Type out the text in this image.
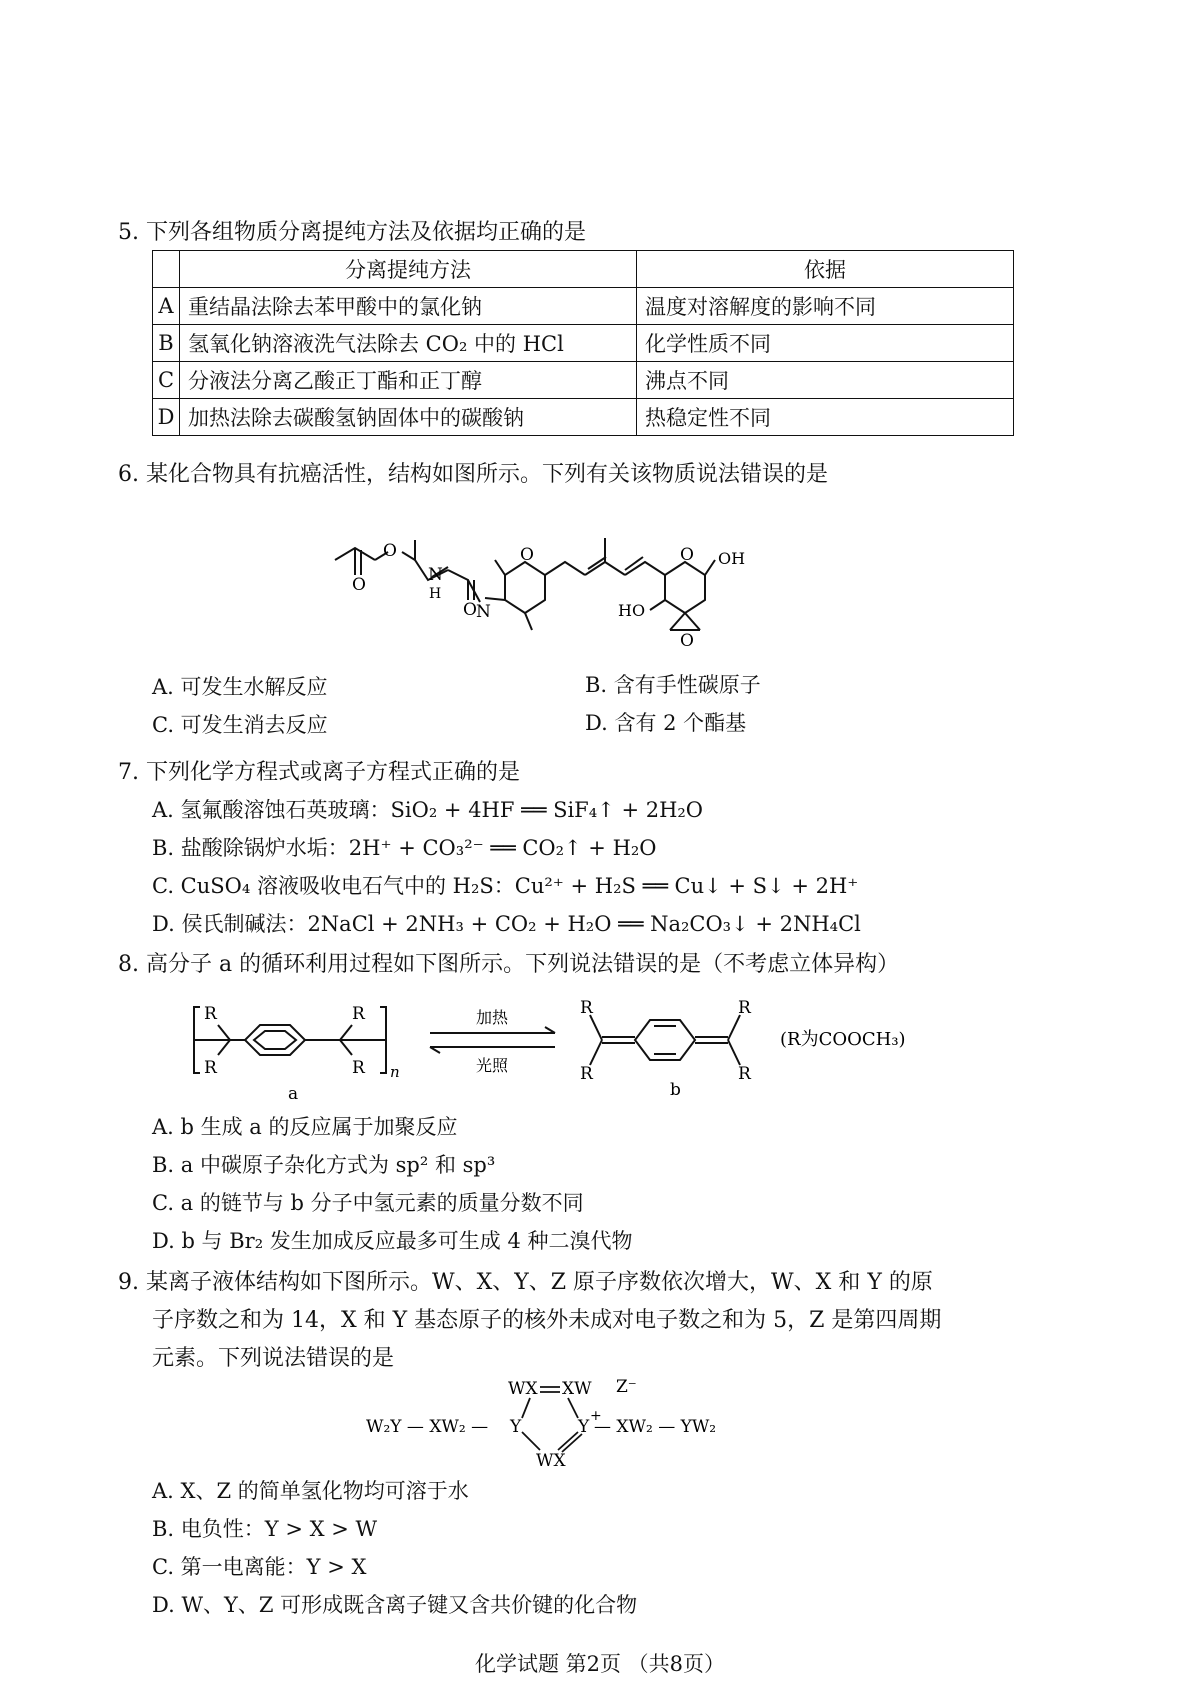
5. 下列各组物质分离提纯方法及依据均正确的是
	分离提纯方法	依据
A	重结晶法除去苯甲酸中的氯化钠	温度对溶解度的影响不同
B	氢氧化钠溶液洗气法除去 CO₂ 中的 HCl	化学性质不同
C	分液法分离乙酸正丁酯和正丁醇	沸点不同
D	加热法除去碳酸氢钠固体中的碳酸钠	热稳定性不同
6. 某化合物具有抗癌活性，结构如图所示。下列有关该物质说法错误的是
O
O
O N
N
H
O	O OH
HO
O
A. 可发生水解反应	B. 含有手性碳原子
C. 可发生消去反应	D. 含有 2 个酯基
7. 下列化学方程式或离子方程式正确的是
A. 氢氟酸溶蚀石英玻璃：SiO₂ + 4HF ══ SiF₄↑ + 2H₂O
B. 盐酸除锅炉水垢：2H⁺ + CO₃²⁻ ══ CO₂↑ + H₂O
C. CuSO₄ 溶液吸收电石气中的 H₂S：Cu²⁺ + H₂S ══ Cu↓ + S↓ + 2H⁺
D. 侯氏制碱法：2NaCl + 2NH₃ + CO₂ + H₂O ══ Na₂CO₃↓ + 2NH₄Cl
8. 高分子 a 的循环利用过程如下图所示。下列说法错误的是（不考虑立体异构）
R
R
R
R n
加热
光照
R
R
R
R
(R为COOCH₃)
a	b
A. b 生成 a 的反应属于加聚反应
B. a 中碳原子杂化方式为 sp² 和 sp³
C. a 的链节与 b 分子中氢元素的质量分数不同
D. b 与 Br₂ 发生加成反应最多可生成 4 种二溴代物
9. 某离子液体结构如下图所示。W、X、Y、Z 原子序数依次增大，W、X 和 Y 的原
子序数之和为 14，X 和 Y 基态原子的核外未成对电子数之和为 5，Z 是第四周期
元素。下列说法错误的是
WX XW Z⁻
W₂Y — XW₂ — Y	Y
+
— XW₂ — YW₂
WX
A. X、Z 的简单氢化物均可溶于水
B. 电负性：Y > X > W
C. 第一电离能：Y > X
D. W、Y、Z 可形成既含离子键又含共价键的化合物
化学试题 第2页 （共8页）
